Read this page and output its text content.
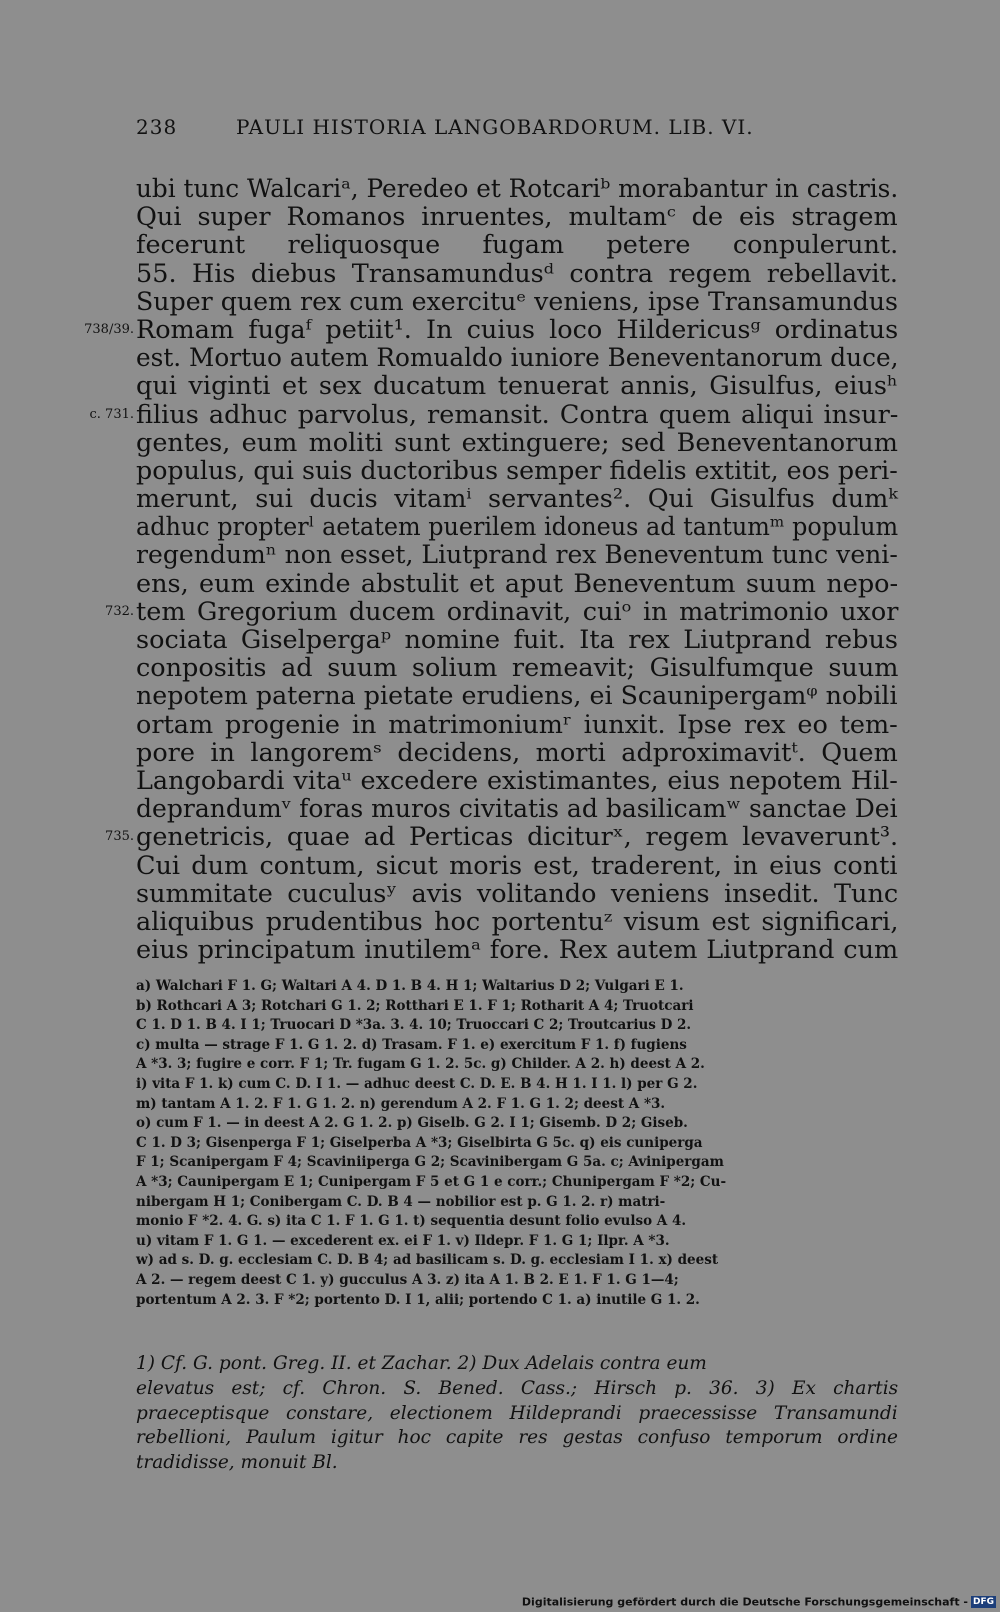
238	PAULI HISTORIA LANGOBARDORUM. LIB. VI.
ubi tunc Walcariᵃ, Peredeo et Rotcariᵇ morabantur in castris.
Qui super Romanos inruentes, multamᶜ de eis stragem
fecerunt reliquosque fugam petere conpulerunt.
55. His diebus Transamundusᵈ contra regem rebellavit.
Super quem rex cum exercituᵉ veniens, ipse Transamundus
Romam fugaᶠ petiit¹. In cuius loco Hildericusᵍ ordinatus
738/39.
est. Mortuo autem Romualdo iuniore Beneventanorum duce,
qui viginti et sex ducatum tenuerat annis, Gisulfus, eiusʰ
filius adhuc parvolus, remansit. Contra quem aliqui insur-
c. 731.
gentes, eum moliti sunt extinguere; sed Beneventanorum
populus, qui suis ductoribus semper fidelis extitit, eos peri-
merunt, sui ducis vitamⁱ servantes². Qui Gisulfus dumᵏ
adhuc propterˡ aetatem puerilem idoneus ad tantumᵐ populum
regendumⁿ non esset, Liutprand rex Beneventum tunc veni-
ens, eum exinde abstulit et aput Beneventum suum nepo-
tem Gregorium ducem ordinavit, cuiᵒ in matrimonio uxor
732.
sociata Giselpergaᵖ nomine fuit. Ita rex Liutprand rebus
conpositis ad suum solium remeavit; Gisulfumque suum
nepotem paterna pietate erudiens, ei Scaunipergamᵠ nobili
ortam progenie in matrimoniumʳ iunxit. Ipse rex eo tem-
pore in langoremˢ decidens, morti adproximavitᵗ. Quem
Langobardi vitaᵘ excedere existimantes, eius nepotem Hil-
deprandumᵛ foras muros civitatis ad basilicamʷ sanctae Dei
genetricis, quae ad Perticas diciturˣ, regem levaverunt³.
735.
Cui dum contum, sicut moris est, traderent, in eius conti
summitate cuculusʸ avis volitando veniens insedit. Tunc
aliquibus prudentibus hoc portentuᶻ visum est significari,
eius principatum inutilemᵃ fore. Rex autem Liutprand cum
a) Walchari F 1. G; Waltari A 4. D 1. B 4. H 1; Waltarius D 2; Vulgari E 1.
b) Rothcari A 3; Rotchari G 1. 2; Rotthari E 1. F 1; Rotharit A 4; Truotcari
C 1. D 1. B 4. I 1; Truocari D *3a. 3. 4. 10; Truoccari C 2; Troutcarius D 2.
c) multa — strage F 1. G 1. 2. d) Trasam. F 1. e) exercitum F 1. f) fugiens
A *3. 3; fugire e corr. F 1; Tr. fugam G 1. 2. 5c. g) Childer. A 2. h) deest A 2.
i) vita F 1. k) cum C. D. I 1. — adhuc deest C. D. E. B 4. H 1. I 1. l) per G 2.
m) tantam A 1. 2. F 1. G 1. 2. n) gerendum A 2. F 1. G 1. 2; deest A *3.
o) cum F 1. — in deest A 2. G 1. 2. p) Giselb. G 2. I 1; Gisemb. D 2; Giseb.
C 1. D 3; Gisenperga F 1; Giselperba A *3; Giselbirta G 5c. q) eis cuniperga
F 1; Scanipergam F 4; Scaviniiperga G 2; Scavinibergam G 5a. c; Avinipergam
A *3; Caunipergam E 1; Cunipergam F 5 et G 1 e corr.; Chunipergam F *2; Cu-
nibergam H 1; Conibergam C. D. B 4 — nobilior est p. G 1. 2. r) matri-
monio F *2. 4. G. s) ita C 1. F 1. G 1. t) sequentia desunt folio evulso A 4.
u) vitam F 1. G 1. — excederent ex. ei F 1. v) Ildepr. F 1. G 1; Ilpr. A *3.
w) ad s. D. g. ecclesiam C. D. B 4; ad basilicam s. D. g. ecclesiam I 1. x) deest
A 2. — regem deest C 1. y) gucculus A 3. z) ita A 1. B 2. E 1. F 1. G 1—4;
portentum A 2. 3. F *2; portento D. I 1, alii; portendo C 1. a) inutile G 1. 2.
1) Cf. G. pont. Greg. II. et Zachar. 2) Dux Adelais contra eum
elevatus est; cf. Chron. S. Bened. Cass.; Hirsch p. 36. 3) Ex chartis
praeceptisque constare, electionem Hildeprandi praecessisse Transamundi
rebellioni, Paulum igitur hoc capite res gestas confuso temporum ordine
tradidisse, monuit Bl.
Digitalisierung gefördert durch die Deutsche Forschungsgemeinschaft - DFG
